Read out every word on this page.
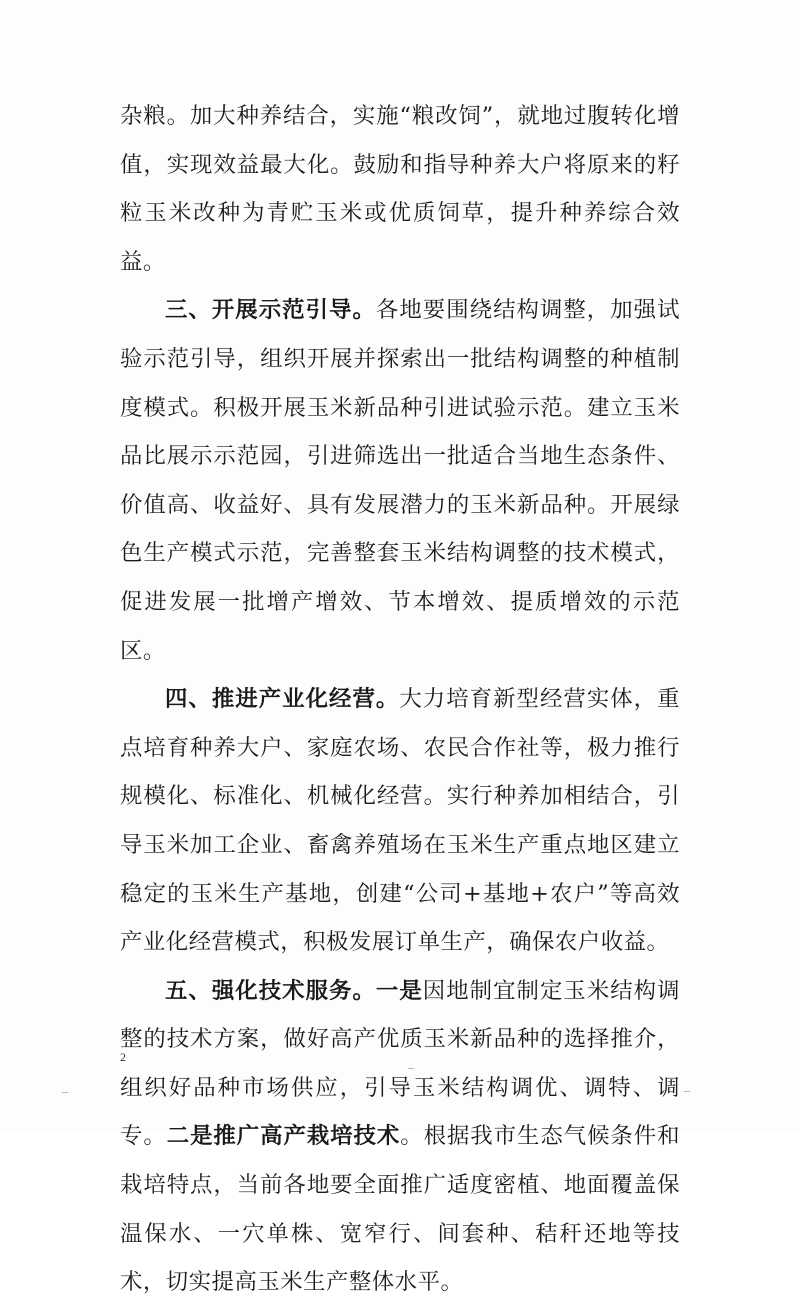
杂粮。加大种养结合，实施“粮改饲”，就地过腹转化增值，实现效益最大化。鼓励和指导种养大户将原来的籽粒玉米改种为青贮玉米或优质饲草，提升种养综合效益。

三、开展示范引导。各地要围绕结构调整，加强试验示范引导，组织开展并探索出一批结构调整的种植制度模式。积极开展玉米新品种引进试验示范。建立玉米品比展示示范园，引进筛选出一批适合当地生态条件、价值高、收益好、具有发展潜力的玉米新品种。开展绿色生产模式示范，完善整套玉米结构调整的技术模式，促进发展一批增产增效、节本增效、提质增效的示范区。

四、推进产业化经营。大力培育新型经营实体，重点培育种养大户、家庭农场、农民合作社等，极力推行规模化、标准化、机械化经营。实行种养加相结合，引导玉米加工企业、畜禽养殖场在玉米生产重点地区建立稳定的玉米生产基地，创建“公司+基地+农户”等高效产业化经营模式，积极发展订单生产，确保农户收益。

五、强化技术服务。一是因地制宜制定玉米结构调整的技术方案，做好高产优质玉米新品种的选择推介，组织好品种市场供应，引导玉米结构调优、调特、调专。二是推广高产栽培技术。根据我市生态气候条件和栽培特点，当前各地要全面推广适度密植、地面覆盖保温保水、一穴单株、宽窄行、间套种、秸秆还地等技术，切实提高玉米生产整体水平。

2
